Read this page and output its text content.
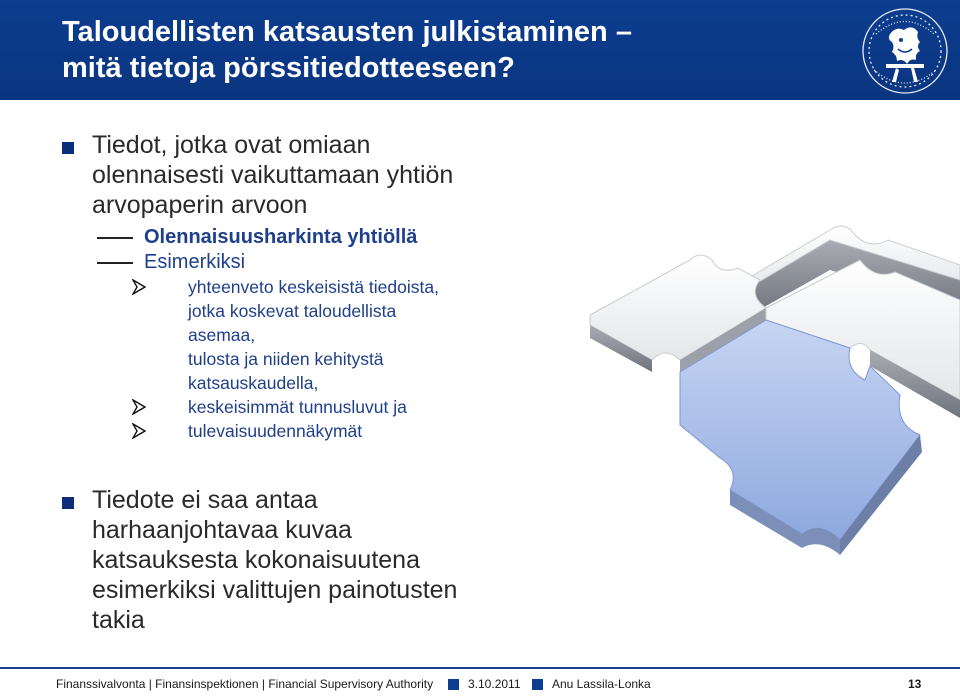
Taloudellisten katsausten julkistaminen –
mitä tietoja pörssitiedotteeseen?
Tiedot, jotka ovat omiaan
olennaisesti vaikuttamaan yhtiön
arvopaperin arvoon
Olennaisuusharkinta yhtiöllä
Esimerkiksi
yhteenveto keskeisistä tiedoista,
jotka koskevat taloudellista
asemaa,
tulosta ja niiden kehitystä
katsauskaudella,
keskeisimmät tunnusluvut ja
tulevaisuudennäkymät
Tiedote ei saa antaa
harhaanjohtavaa kuvaa
katsauksesta kokonaisuutena
esimerkiksi valittujen painotusten
takia
Finanssivalvonta | Finansinspektionen | Financial Supervisory Authority	3.10.2011	Anu Lassila-Lonka	13
